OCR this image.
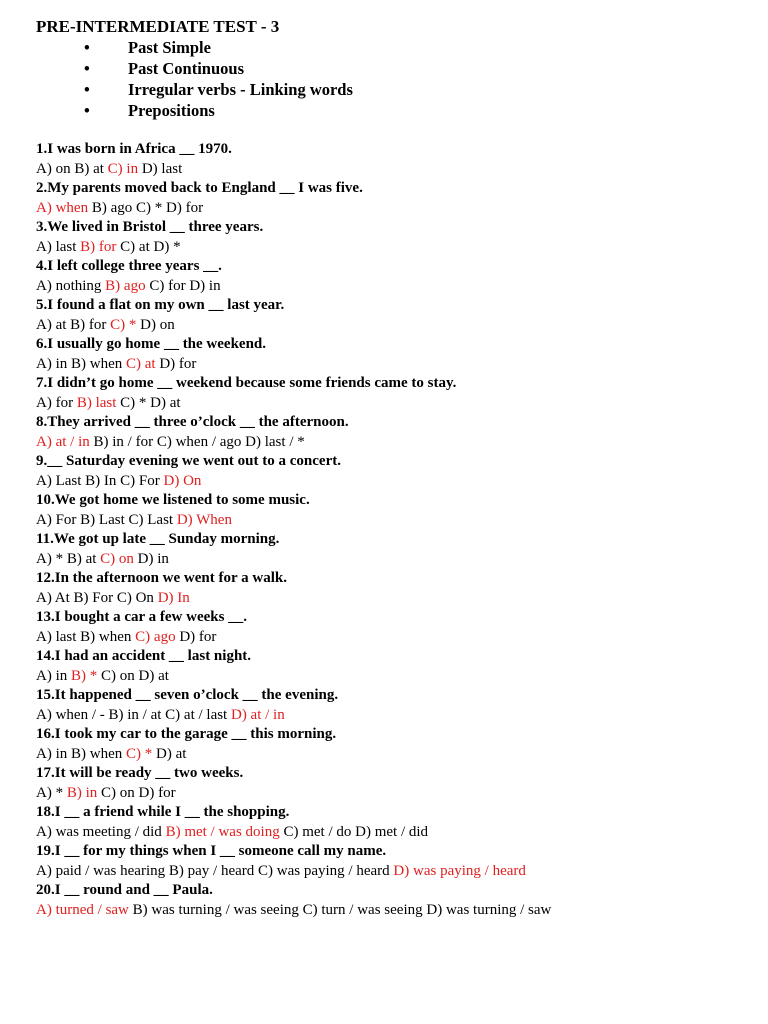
PRE-INTERMEDIATE TEST - 3
• Past Simple
• Past Continuous
• Irregular verbs - Linking words
• Prepositions
1.I was born in Africa __ 1970.
A) on B) at C) in D) last
2.My parents moved back to England __ I was five.
A) when B) ago C) * D) for
3.We lived in Bristol __ three years.
A) last B) for C) at D) *
4.I left college three years __.
A) nothing B) ago C) for D) in
5.I found a flat on my own __ last year.
A) at B) for C) * D) on
6.I usually go home __ the weekend.
A) in B) when C) at D) for
7.I didn’t go home __ weekend because some friends came to stay.
A) for B) last C) * D) at
8.They arrived __ three o’clock __ the afternoon.
A) at / in B) in / for C) when / ago D) last / *
9.__ Saturday evening we went out to a concert.
A) Last B) In C) For D) On
10.We got home we listened to some music.
A) For B) Last C) Last D) When
11.We got up late __ Sunday morning.
A) * B) at C) on D) in
12.In the afternoon we went for a walk.
A) At B) For C) On D) In
13.I bought a car a few weeks __.
A) last B) when C) ago D) for
14.I had an accident __ last night.
A) in B) * C) on D) at
15.It happened __ seven o’clock __ the evening.
A) when / - B) in / at C) at / last D) at / in
16.I took my car to the garage __ this morning.
A) in B) when C) * D) at
17.It will be ready __ two weeks.
A) * B) in C) on D) for
18.I __ a friend while I __ the shopping.
A) was meeting / did B) met / was doing C) met / do D) met / did
19.I __ for my things when I __ someone call my name.
A) paid / was hearing B) pay / heard C) was paying / heard D) was paying / heard
20.I __ round and __ Paula.
A) turned / saw B) was turning / was seeing C) turn / was seeing D) was turning / saw
